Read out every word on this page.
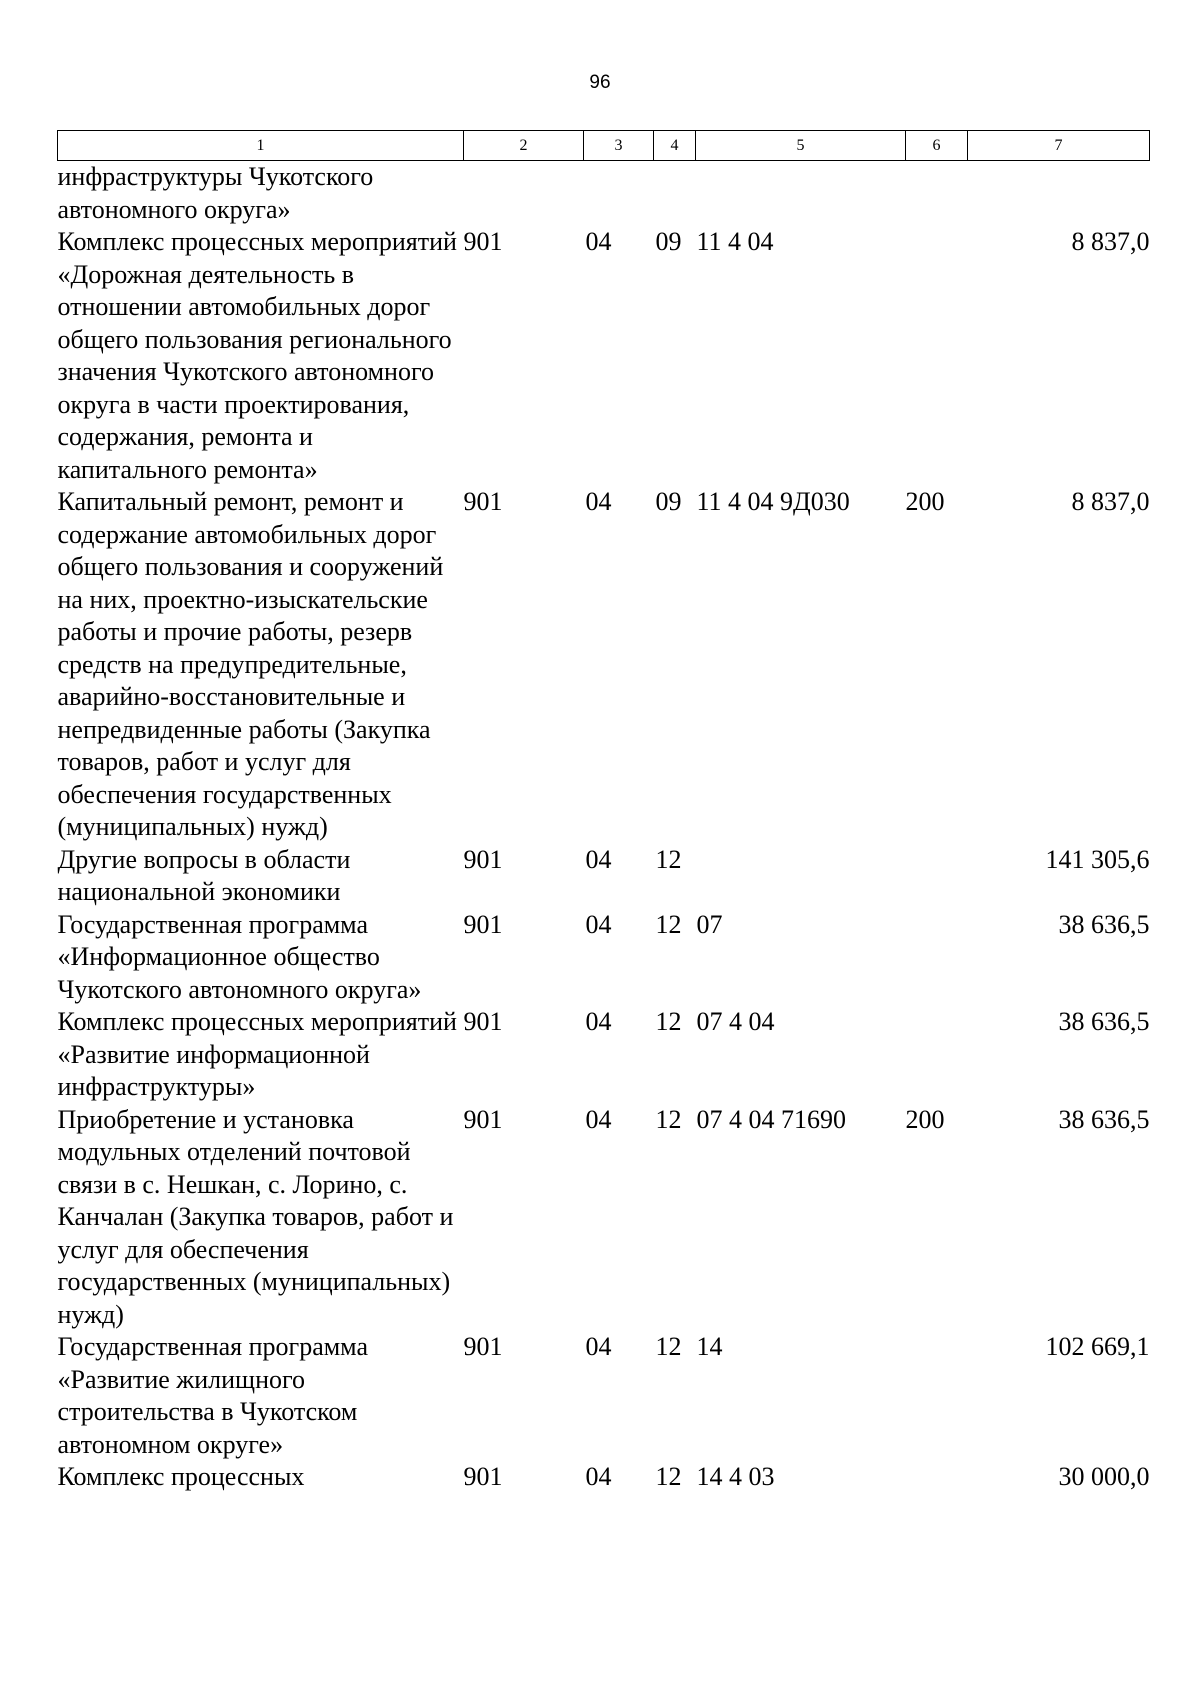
96
1	2	3	4	5	6	7
инфраструктуры Чукотского автономного округа»						
Комплекс процессных мероприятий «Дорожная деятельность в отношении автомобильных дорог общего пользования регионального значения Чукотского автономного округа в части проектирования, содержания, ремонта и капитального ремонта»	901	04	09	11 4 04		8 837,0
Капитальный ремонт, ремонт и содержание автомобильных дорог общего пользования и сооружений на них, проектно-изыскательские работы и прочие работы, резерв средств на предупредительные, аварийно-восстановительные и непредвиденные работы (Закупка товаров, работ и услуг для обеспечения государственных (муниципальных) нужд)	901	04	09	11 4 04 9Д030	200	8 837,0
Другие вопросы в области национальной экономики	901	04	12			141 305,6
Государственная программа «Информационное общество Чукотского автономного округа»	901	04	12	07		38 636,5
Комплекс процессных мероприятий «Развитие информационной инфраструктуры»	901	04	12	07 4 04		38 636,5
Приобретение и установка модульных отделений почтовой связи в с. Нешкан, с. Лорино, с. Канчалан (Закупка товаров, работ и услуг для обеспечения государственных (муниципальных) нужд)	901	04	12	07 4 04 71690	200	38 636,5
Государственная программа «Развитие жилищного строительства в Чукотском автономном округе»	901	04	12	14		102 669,1
Комплекс процессных	901	04	12	14 4 03		30 000,0
